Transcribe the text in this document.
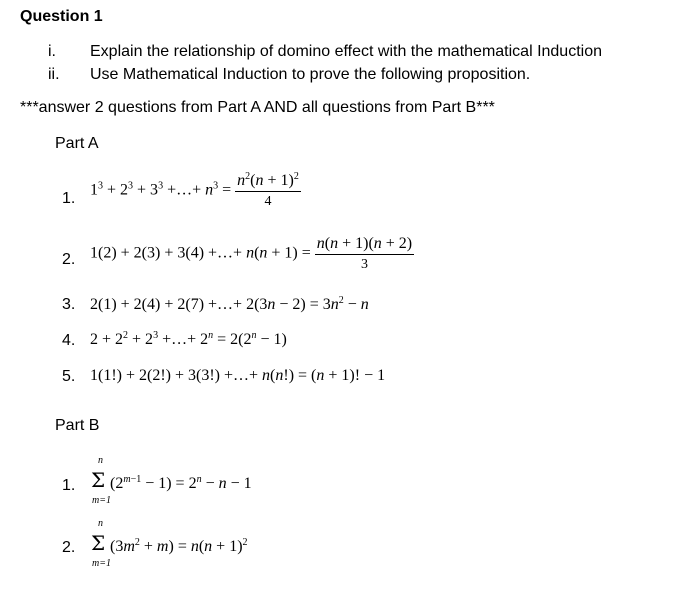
Question 1
i.	Explain the relationship of domino effect with the mathematical Induction
ii.	Use Mathematical Induction to prove the following proposition.
***answer 2 questions from Part A AND all questions from Part B***
Part A
1. $1^3 + 2^3 + 3^3$ +…+ $n^3 = \frac{n^2(n + 1)^2}{4}$
2. 1(2) + 2(3) + 3(4) +…+ $n(n + 1) = \frac{n(n + 1)(n + 2)}{3}$
3. 2(1) + 2(4) + 2(7) +…+ $2(3n - 2) = 3n^2 - n$
4. $2 + 2^2 + 2^3$ +…+ $2^n = 2(2^n - 1)$
5. 1(1!) + 2(2!) + 3(3!) +…+ n(n!) = (n + 1)! − 1
Part B
1.
n
Σ
m=1
$(2^{m-1} - 1) = 2^n - n - 1$
2.
n
Σ
m=1
$(3m^2 + m) = n(n + 1)^2$
